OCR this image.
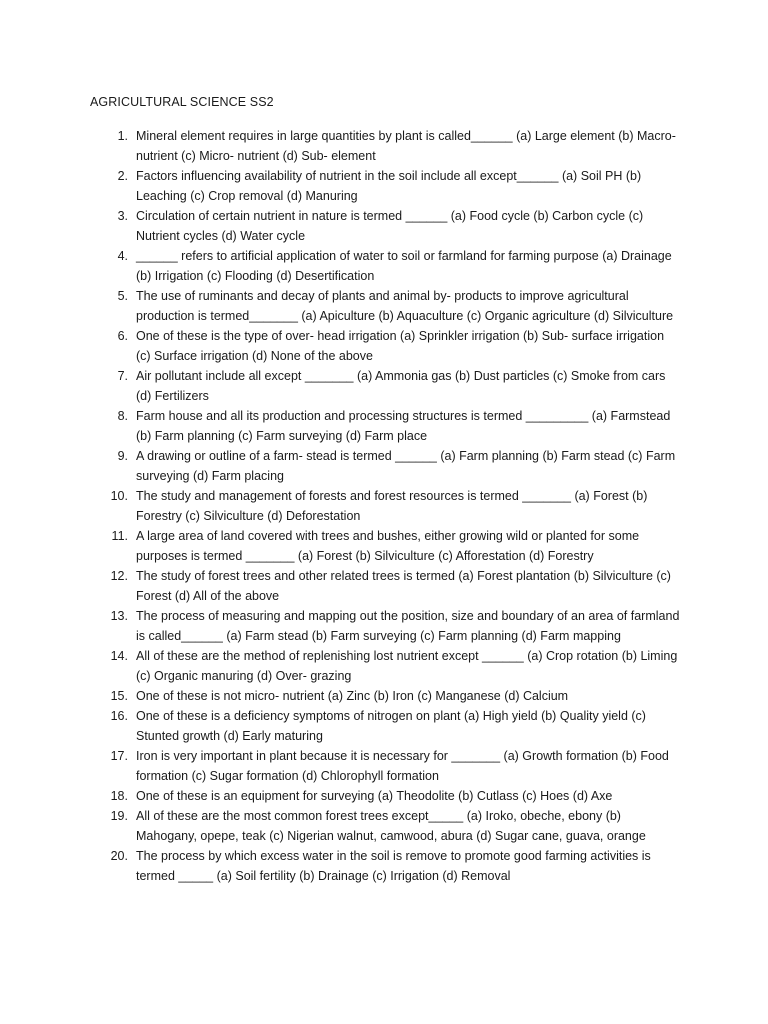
AGRICULTURAL SCIENCE SS2
1. Mineral element requires in large quantities by plant is called______ (a) Large element (b) Macro- nutrient (c) Micro- nutrient (d) Sub- element
2. Factors influencing availability of nutrient in the soil include all except______ (a) Soil PH (b) Leaching (c) Crop removal (d) Manuring
3. Circulation of certain nutrient in nature is termed ______ (a) Food cycle (b) Carbon cycle (c) Nutrient cycles (d) Water cycle
4. ______ refers to artificial application of water to soil or farmland for farming purpose (a) Drainage (b) Irrigation (c) Flooding (d) Desertification
5. The use of ruminants and decay of plants and animal by- products to improve agricultural production is termed_______ (a) Apiculture (b) Aquaculture (c) Organic agriculture (d) Silviculture
6. One of these is the type of over- head irrigation (a) Sprinkler irrigation (b) Sub- surface irrigation (c) Surface irrigation (d) None of the above
7. Air pollutant include all except _______ (a) Ammonia gas (b) Dust particles (c) Smoke from cars (d) Fertilizers
8. Farm house and all its production and processing structures is termed _________ (a) Farmstead (b) Farm planning (c) Farm surveying (d) Farm place
9. A drawing or outline of a farm- stead is termed ______ (a) Farm planning (b) Farm stead (c) Farm surveying (d) Farm placing
10. The study and management of forests and forest resources is termed _______ (a) Forest (b) Forestry (c) Silviculture (d) Deforestation
11. A large area of land covered with trees and bushes, either growing wild or planted for some purposes is termed _______ (a) Forest (b) Silviculture (c) Afforestation (d) Forestry
12. The study of forest trees and other related trees is termed (a) Forest plantation (b) Silviculture (c) Forest (d) All of the above
13. The process of measuring and mapping out the position, size and boundary of an area of farmland is called______ (a) Farm stead (b) Farm surveying (c) Farm planning (d) Farm mapping
14. All of these are the method of replenishing lost nutrient except ______ (a) Crop rotation (b) Liming (c) Organic manuring (d) Over- grazing
15. One of these is not micro- nutrient (a) Zinc (b) Iron (c) Manganese (d) Calcium
16. One of these is a deficiency symptoms of nitrogen on plant (a) High yield (b) Quality yield (c) Stunted growth (d) Early maturing
17. Iron is very important in plant because it is necessary for _______ (a) Growth formation (b) Food formation (c) Sugar formation (d) Chlorophyll formation
18. One of these is an equipment for surveying (a) Theodolite (b) Cutlass (c) Hoes (d) Axe
19. All of these are the most common forest trees except_____ (a) Iroko, obeche, ebony (b) Mahogany, opepe, teak (c) Nigerian walnut, camwood, abura (d) Sugar cane, guava, orange
20. The process by which excess water in the soil is remove to promote good farming activities is termed _____ (a) Soil fertility (b) Drainage (c) Irrigation (d) Removal
